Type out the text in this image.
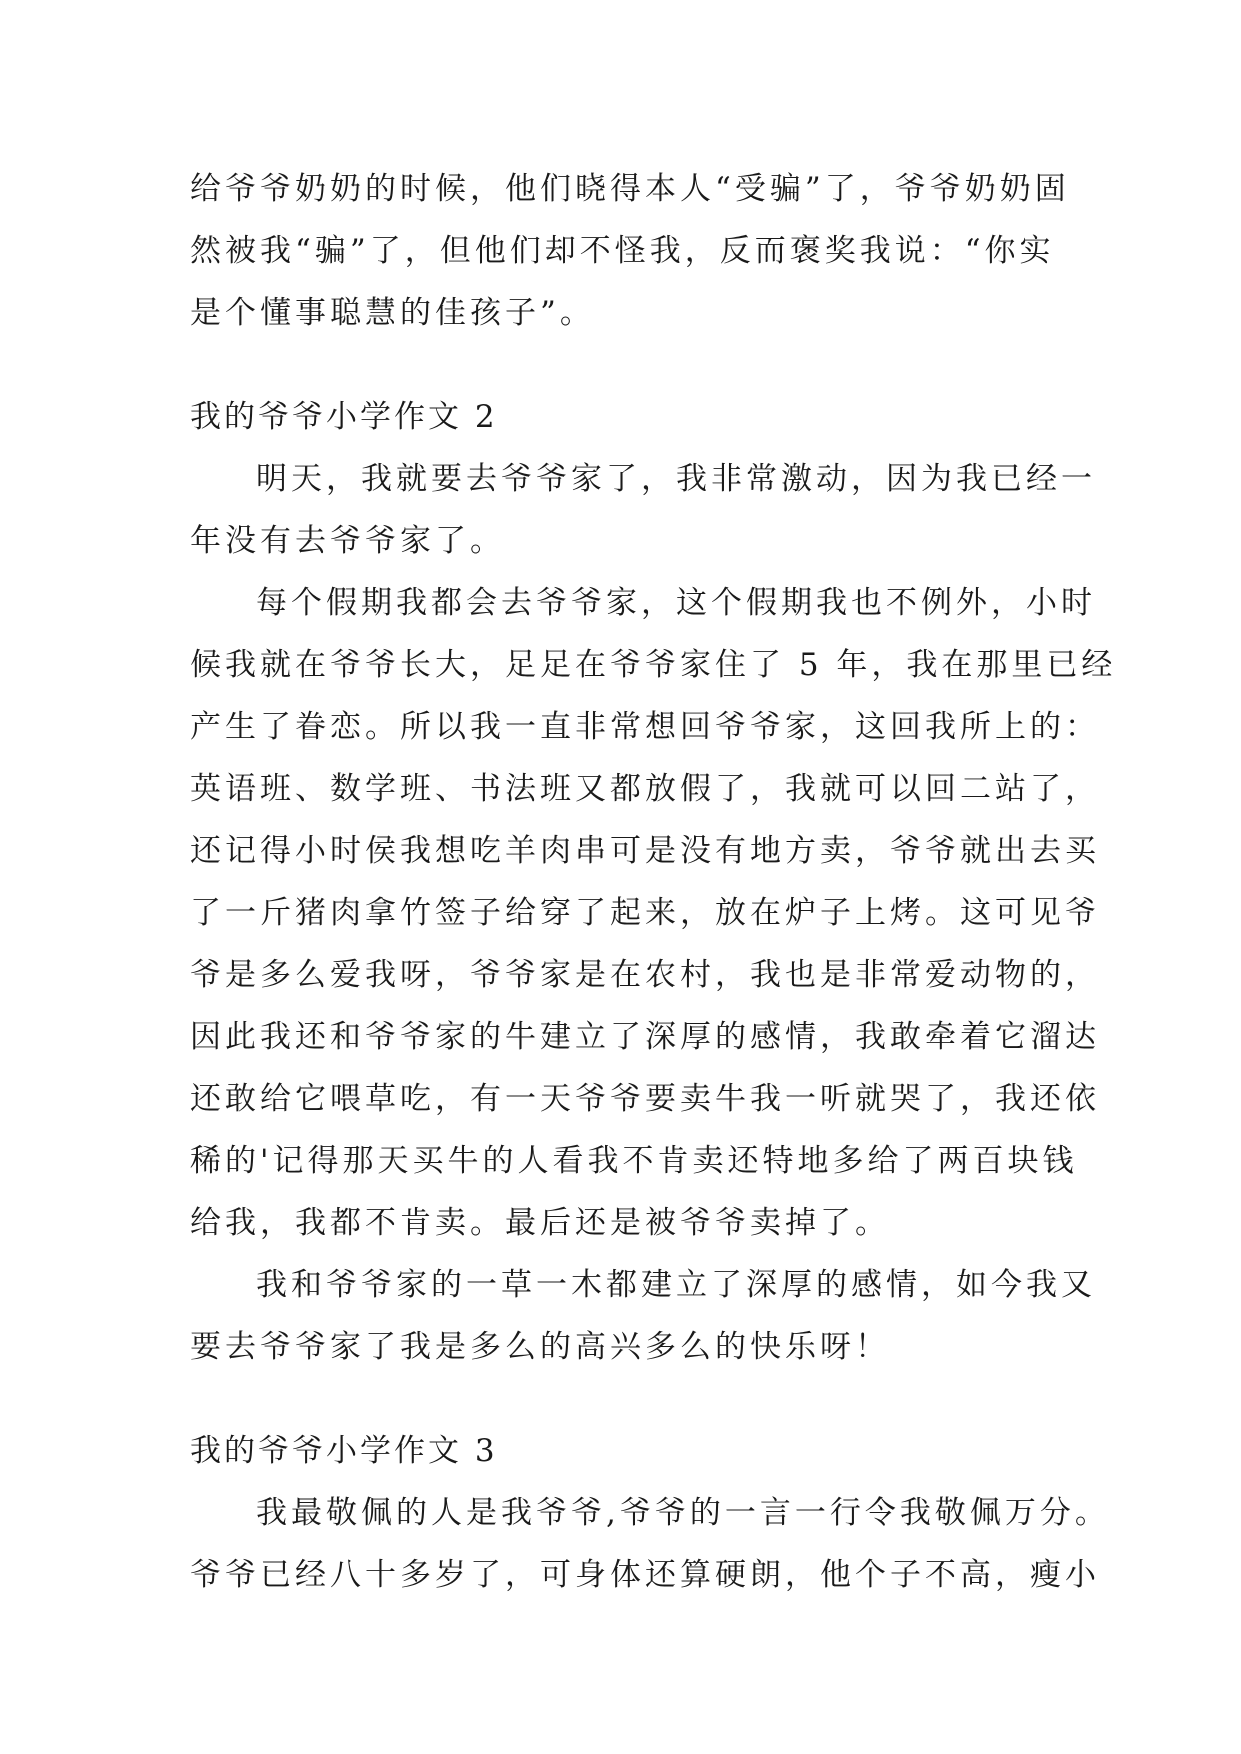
给爷爷奶奶的时候，他们晓得本人“受骗”了，爷爷奶奶固
然被我“骗”了，但他们却不怪我，反而褒奖我说：“你实
是个懂事聪慧的佳孩子”。
我的爷爷小学作文 2
明天，我就要去爷爷家了，我非常激动，因为我已经一
年没有去爷爷家了。
每个假期我都会去爷爷家，这个假期我也不例外，小时
候我就在爷爷长大，足足在爷爷家住了 5 年，我在那里已经
产生了眷恋。所以我一直非常想回爷爷家，这回我所上的：
英语班、数学班、书法班又都放假了，我就可以回二站了，
还记得小时侯我想吃羊肉串可是没有地方卖，爷爷就出去买
了一斤猪肉拿竹签子给穿了起来，放在炉子上烤。这可见爷
爷是多么爱我呀，爷爷家是在农村，我也是非常爱动物的，
因此我还和爷爷家的牛建立了深厚的感情，我敢牵着它溜达
还敢给它喂草吃，有一天爷爷要卖牛我一听就哭了，我还依
稀的'记得那天买牛的人看我不肯卖还特地多给了两百块钱
给我，我都不肯卖。最后还是被爷爷卖掉了。
我和爷爷家的一草一木都建立了深厚的感情，如今我又
要去爷爷家了我是多么的高兴多么的快乐呀！
我的爷爷小学作文 3
我最敬佩的人是我爷爷,爷爷的一言一行令我敬佩万分。
爷爷已经八十多岁了，可身体还算硬朗，他个子不高，瘦小
